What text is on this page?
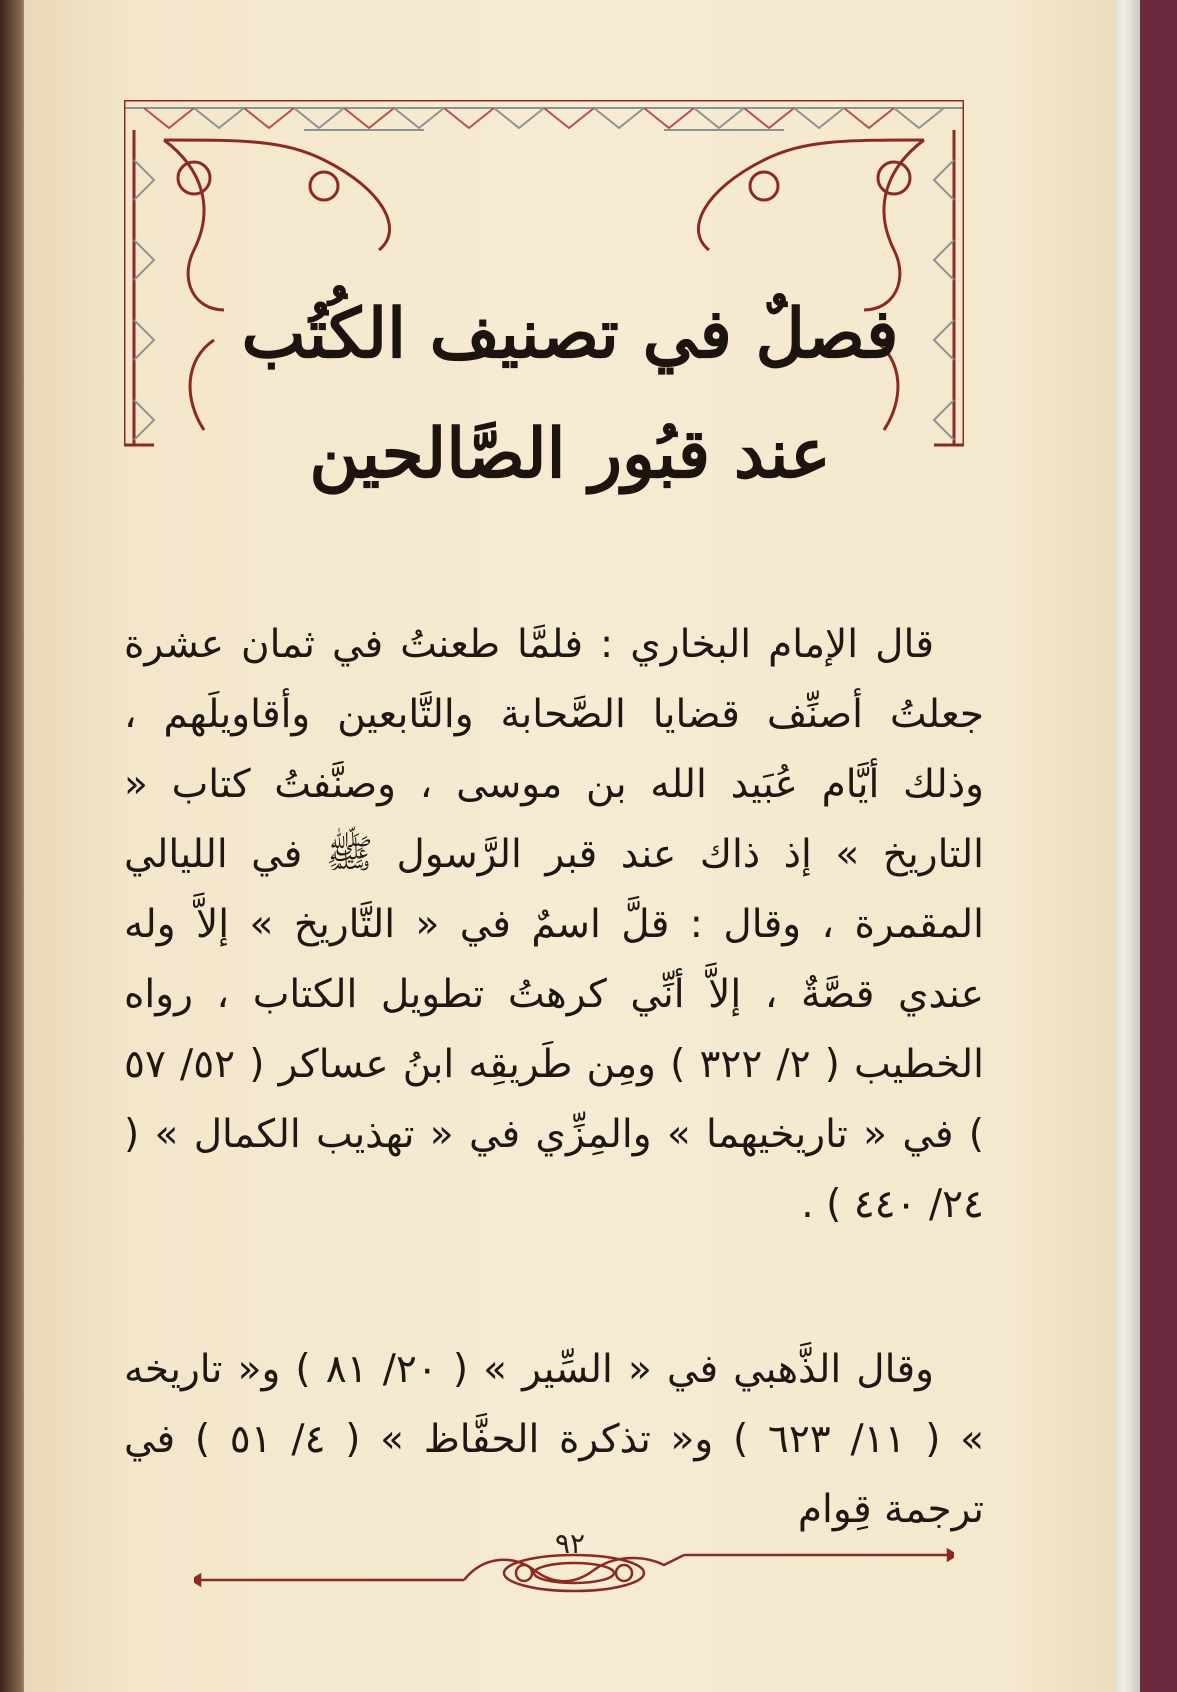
فصلٌ في تصنيف الكُتُب
عند قبُور الصَّالحين

قال الإمام البخاري : فلمَّا طعنتُ في ثمان عشرة جعلتُ أصنِّف قضايا الصَّحابة والتَّابعين وأقاويلَهم ، وذلك أيَّام عُبَيد الله بن موسى ، وصنَّفتُ كتاب « التاريخ » إذ ذاك عند قبر الرَّسول ﷺ في الليالي المقمرة ، وقال : قلَّ اسمٌ في « التَّاريخ » إلاَّ وله عندي قصَّةٌ ، إلاَّ أنِّي كرهتُ تطويل الكتاب ، رواه الخطيب ( ٢/ ٣٢٢ ) ومِن طَريقِه ابنُ عساكر ( ٥٢/ ٥٧ ) في « تاريخيهما » والمِزِّي في « تهذيب الكمال » ( ٢٤/ ٤٤٠ ) .

وقال الذَّهبي في « السِّير » ( ٢٠/ ٨١ ) و« تاريخه » ( ١١/ ٦٢٣ ) و« تذكرة الحفَّاظ » ( ٤/ ٥١ ) في ترجمة قِوام

٩٢
